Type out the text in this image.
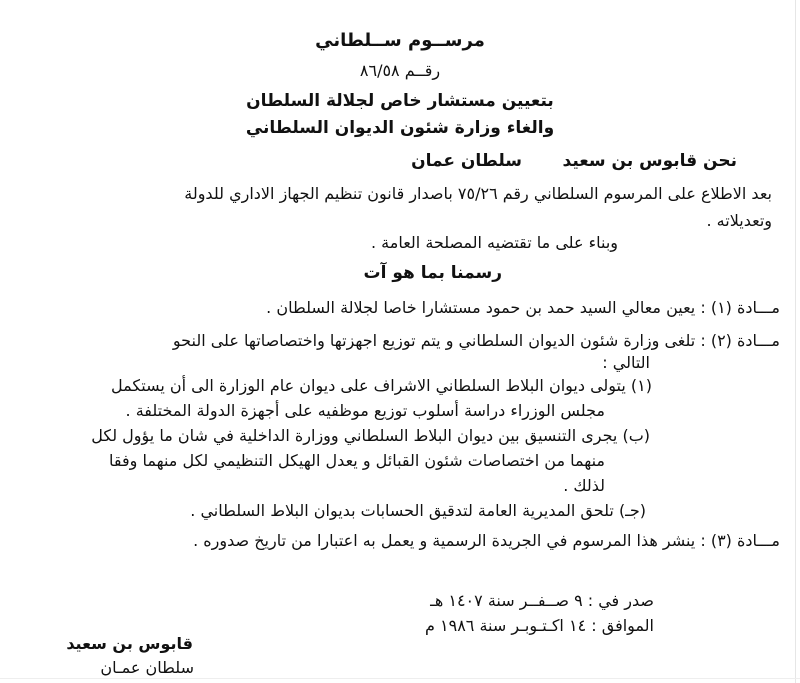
مرســوم ســلطاني
رقــم ٨٦/٥٨
بتعيين مستشار خاص لجلالة السلطان
والغاء وزارة شئون الديوان السلطاني
نحن قابوس بن سعيد
سلطان عمان
بعد الاطلاع على المرسوم السلطاني رقم ٧٥/٢٦ باصدار قانون تنظيم الجهاز الاداري للدولة
وتعديلاته .
وبناء على ما تقتضيه المصلحة العامة .
رسمنا بما هو آت
مـــادة (١) : يعين معالي السيد حمد بن حمود مستشارا خاصا لجلالة السلطان .
مـــادة (٢) : تلغى وزارة شئون الديوان السلطاني و يتم توزيع اجهزتها واختصاصاتها على النحو
التالي :
(١) يتولى ديوان البلاط السلطاني الاشراف على ديوان عام الوزارة الى أن يستكمل
مجلس الوزراء دراسة أسلوب توزيع موظفيه على أجهزة الدولة المختلفة .
(ب) يجرى التنسيق بين ديوان البلاط السلطاني ووزارة الداخلية في شان ما يؤول لكل
منهما من اختصاصات شئون القبائل و يعدل الهيكل التنظيمي لكل منهما وفقا
لذلك .
(جـ) تلحق المديرية العامة لتدقيق الحسابات بديوان البلاط السلطاني .
مـــادة (٣) : ينشر هذا المرسوم في الجريدة الرسمية و يعمل به اعتبارا من تاريخ صدوره .
صدر في : ٩ صــفــر سنة ١٤٠٧ هـ
الموافق : ١٤ اكـتـوبـر سنة ١٩٨٦ م
قابوس بن سعيد
سلطان عمـان
